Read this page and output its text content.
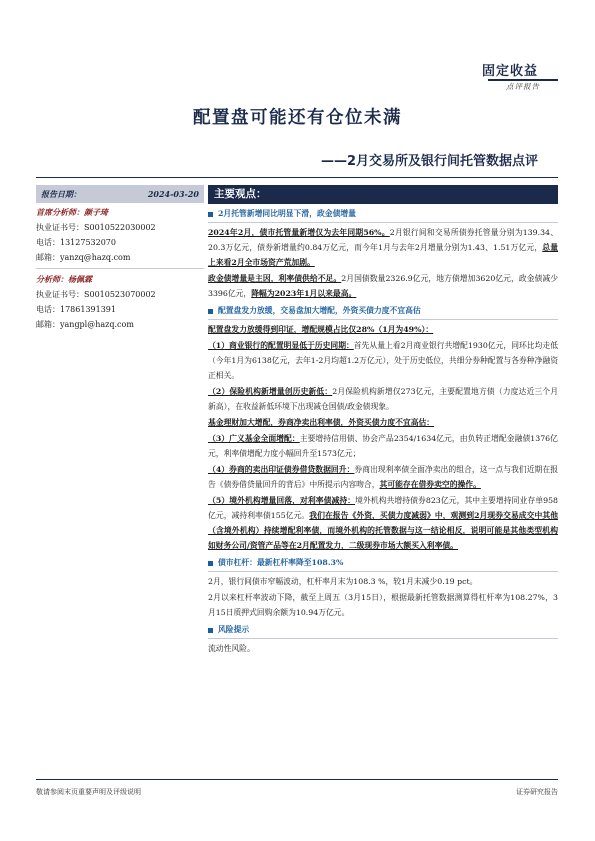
固定收益
点评报告
配置盘可能还有仓位未满
——2月交易所及银行间托管数据点评
报告日期：	2024-03-20
首席分析师：颜子琦
执业证书号：S0010522030002
电话：13127532070
邮箱：yanzq@hazq.com
分析师：杨佩霖
执业证书号：S0010523070002
电话：17861391391
邮箱：yangpl@hazq.com
主要观点：
2月托管新增同比明显下滑，政金债增量

2024年2月，债市托管量新增仅为去年同期56%。2月银行间和交易所债券托管量分别为139.34、20.3万亿元，债券新增量约0.84万亿元，而今年1月与去年2月增量分别为1.43、1.51万亿元，总量上来看2月全市场资产荒加剧。

政金债增量是主因，利率债供给不足。2月国债数量2326.9亿元，地方债增加3620亿元，政金债减少3396亿元，降幅为2023年1月以来最高。

配置盘发力放缓，交易盘加大增配，外资买债力度不宜高估

配置盘发力放缓得到印证，增配规模占比仅28%（1月为49%）：

（1）商业银行的配置明显低于历史同期：首先从量上看2月商业银行共增配1930亿元，同环比均走低（今年1月为6138亿元，去年1-2月均超1.2万亿元），处于历史低位，共细分券种配置与各券种净融资正相关。

（2）保险机构新增量创历史新低：2月保险机构新增仅273亿元，主要配置地方债（力度达近三个月新高），在收益新低环境下出现减仓国债/政金债现象。

基金理财加大增配，券商净卖出利率债，外资买债力度不宜高估：

（3）广义基金全面增配：主要增持信用债、协会产品2354/1634亿元，由负转正增配金融债1376亿元，利率债增配力度小幅回升至1573亿元；

（4）券商的卖出印证债券借贷数据回升：券商出现利率债全面净卖出的组合，这一点与我们近期在报告《债券借贷量回升的背后》中所提示内容吻合，其可能存在借券卖空的操作。

（5）境外机构增量回落，对利率债减持：境外机构共增持债券823亿元，其中主要增持同业存单958亿元，减持利率债155亿元。我们在报告《外资，买债力度减弱》中，观测到2月现券交易成交中其他（含境外机构）持续增配利率债，而境外机构的托管数据与这一结论相反，说明可能是其他类型机构如财务公司/资管产品等在2月配置发力，二级现券市场大额买入利率债。

债市杠杆：最新杠杆率降至108.3%

2月，银行间债市窄幅波动，杠杆率月末为108.3 %，较1月末减少0.19 pct。

2月以来杠杆率波动下降，截至上周五（3月15日），根据最新托管数据测算得杠杆率为108.27%，3月15日质押式回购余额为10.94万亿元。

风险提示

流动性风险。

敬请参阅末页重要声明及评级说明	证券研究报告
